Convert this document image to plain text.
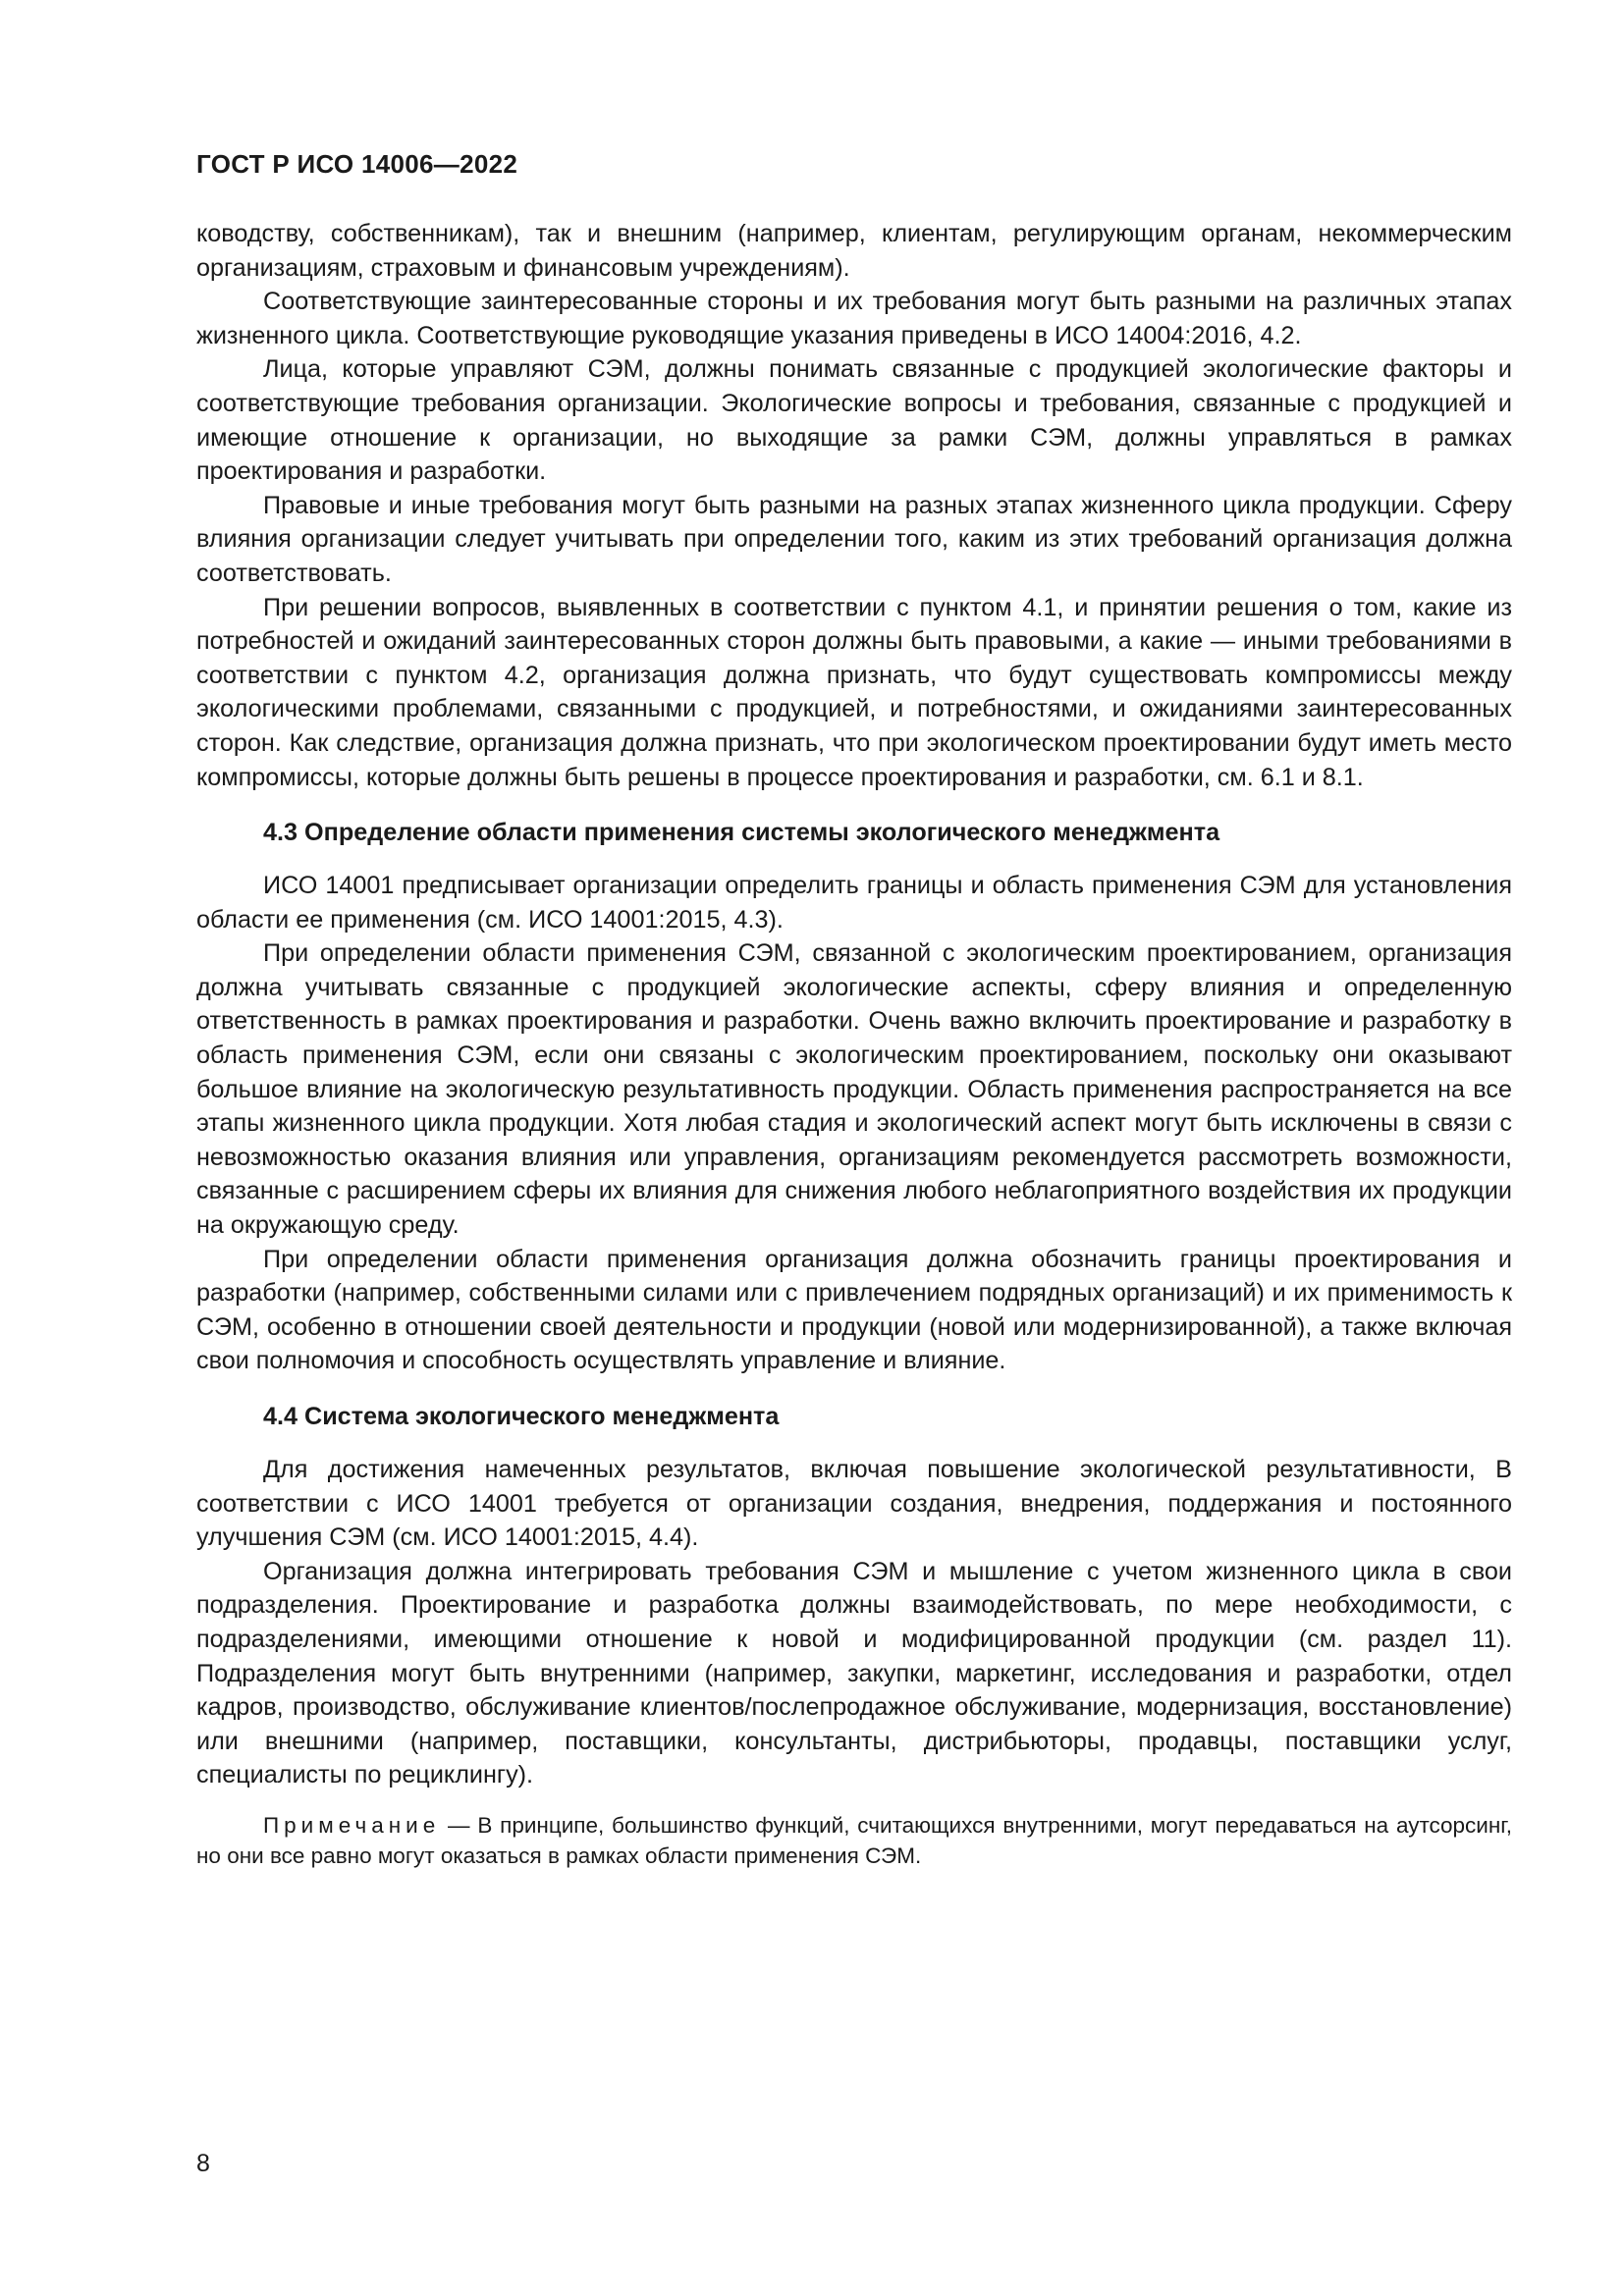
ГОСТ Р ИСО 14006—2022

ководству, собственникам), так и внешним (например, клиентам, регулирующим органам, некоммерческим организациям, страховым и финансовым учреждениям).

Соответствующие заинтересованные стороны и их требования могут быть разными на различных этапах жизненного цикла. Соответствующие руководящие указания приведены в ИСО 14004:2016, 4.2.

Лица, которые управляют СЭМ, должны понимать связанные с продукцией экологические факторы и соответствующие требования организации. Экологические вопросы и требования, связанные с продукцией и имеющие отношение к организации, но выходящие за рамки СЭМ, должны управляться в рамках проектирования и разработки.

Правовые и иные требования могут быть разными на разных этапах жизненного цикла продукции. Сферу влияния организации следует учитывать при определении того, каким из этих требований организация должна соответствовать.

При решении вопросов, выявленных в соответствии с пунктом 4.1, и принятии решения о том, какие из потребностей и ожиданий заинтересованных сторон должны быть правовыми, а какие — иными требованиями в соответствии с пунктом 4.2, организация должна признать, что будут существовать компромиссы между экологическими проблемами, связанными с продукцией, и потребностями, и ожиданиями заинтересованных сторон. Как следствие, организация должна признать, что при экологическом проектировании будут иметь место компромиссы, которые должны быть решены в процессе проектирования и разработки, см. 6.1 и 8.1.

4.3 Определение области применения системы экологического менеджмента

ИСО 14001 предписывает организации определить границы и область применения СЭМ для установления области ее применения (см. ИСО 14001:2015, 4.3).

При определении области применения СЭМ, связанной с экологическим проектированием, организация должна учитывать связанные с продукцией экологические аспекты, сферу влияния и определенную ответственность в рамках проектирования и разработки. Очень важно включить проектирование и разработку в область применения СЭМ, если они связаны с экологическим проектированием, поскольку они оказывают большое влияние на экологическую результативность продукции. Область применения распространяется на все этапы жизненного цикла продукции. Хотя любая стадия и экологический аспект могут быть исключены в связи с невозможностью оказания влияния или управления, организациям рекомендуется рассмотреть возможности, связанные с расширением сферы их влияния для снижения любого неблагоприятного воздействия их продукции на окружающую среду.

При определении области применения организация должна обозначить границы проектирования и разработки (например, собственными силами или с привлечением подрядных организаций) и их применимость к СЭМ, особенно в отношении своей деятельности и продукции (новой или модернизированной), а также включая свои полномочия и способность осуществлять управление и влияние.

4.4 Система экологического менеджмента

Для достижения намеченных результатов, включая повышение экологической результативности, В соответствии с ИСО 14001 требуется от организации создания, внедрения, поддержания и постоянного улучшения СЭМ (см. ИСО 14001:2015, 4.4).

Организация должна интегрировать требования СЭМ и мышление с учетом жизненного цикла в свои подразделения. Проектирование и разработка должны взаимодействовать, по мере необходимости, с подразделениями, имеющими отношение к новой и модифицированной продукции (см. раздел 11). Подразделения могут быть внутренними (например, закупки, маркетинг, исследования и разработки, отдел кадров, производство, обслуживание клиентов/послепродажное обслуживание, модернизация, восстановление) или внешними (например, поставщики, консультанты, дистрибьюторы, продавцы, поставщики услуг, специалисты по рециклингу).

Примечание — В принципе, большинство функций, считающихся внутренними, могут передаваться на аутсорсинг, но они все равно могут оказаться в рамках области применения СЭМ.

8
